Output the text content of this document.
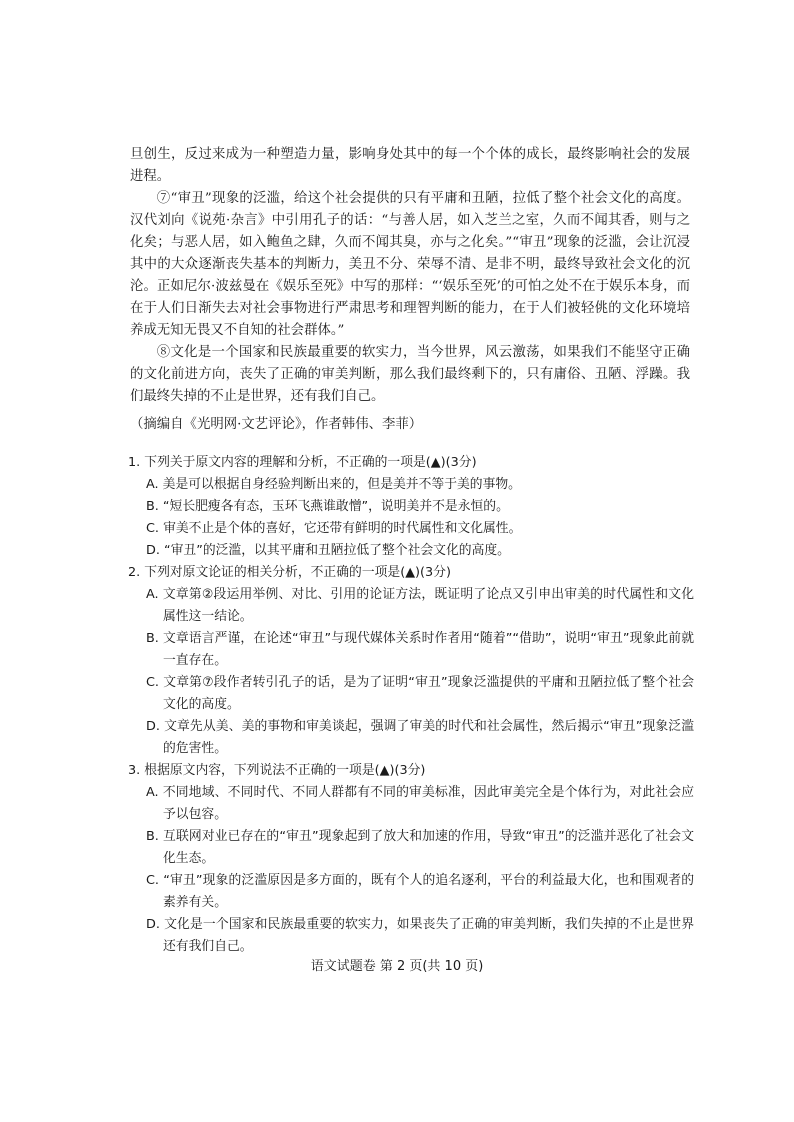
旦创生，反过来成为一种塑造力量，影响身处其中的每一个个体的成长，最终影响社会的发展进程。

⑦“审丑”现象的泛滥，给这个社会提供的只有平庸和丑陋，拉低了整个社会文化的高度。汉代刘向《说苑·杂言》中引用孔子的话：“与善人居，如入芝兰之室，久而不闻其香，则与之化矣；与恶人居，如入鲍鱼之肆，久而不闻其臭，亦与之化矣。”“审丑”现象的泛滥，会让沉浸其中的大众逐渐丧失基本的判断力，美丑不分、荣辱不清、是非不明，最终导致社会文化的沉沦。正如尼尔·波兹曼在《娱乐至死》中写的那样：“‘娱乐至死’的可怕之处不在于娱乐本身，而在于人们日渐失去对社会事物进行严肃思考和理智判断的能力，在于人们被轻佻的文化环境培养成无知无畏又不自知的社会群体。”

⑧文化是一个国家和民族最重要的软实力，当今世界，风云激荡，如果我们不能坚守正确的文化前进方向，丧失了正确的审美判断，那么我们最终剩下的，只有庸俗、丑陋、浮躁。我们最终失掉的不止是世界，还有我们自己。

（摘编自《光明网·文艺评论》，作者韩伟、李菲）

1. 下列关于原文内容的理解和分析，不正确的一项是(▲)(3分)

A. 美是可以根据自身经验判断出来的，但是美并不等于美的事物。

B. “短长肥瘦各有态，玉环飞燕谁敢憎”，说明美并不是永恒的。

C. 审美不止是个体的喜好，它还带有鲜明的时代属性和文化属性。

D. “审丑”的泛滥，以其平庸和丑陋拉低了整个社会文化的高度。

2. 下列对原文论证的相关分析，不正确的一项是(▲)(3分)

A. 文章第②段运用举例、对比、引用的论证方法，既证明了论点又引申出审美的时代属性和文化属性这一结论。

B. 文章语言严谨，在论述“审丑”与现代媒体关系时作者用“随着”“借助”，说明“审丑”现象此前就一直存在。

C. 文章第⑦段作者转引孔子的话，是为了证明“审丑”现象泛滥提供的平庸和丑陋拉低了整个社会文化的高度。

D. 文章先从美、美的事物和审美谈起，强调了审美的时代和社会属性，然后揭示“审丑”现象泛滥的危害性。

3. 根据原文内容，下列说法不正确的一项是(▲)(3分)

A. 不同地域、不同时代、不同人群都有不同的审美标准，因此审美完全是个体行为，对此社会应予以包容。

B. 互联网对业已存在的“审丑”现象起到了放大和加速的作用，导致“审丑”的泛滥并恶化了社会文化生态。

C. “审丑”现象的泛滥原因是多方面的，既有个人的追名逐利，平台的利益最大化，也和围观者的素养有关。

D. 文化是一个国家和民族最重要的软实力，如果丧失了正确的审美判断，我们失掉的不止是世界还有我们自己。

语文试题卷 第 2 页(共 10 页)
